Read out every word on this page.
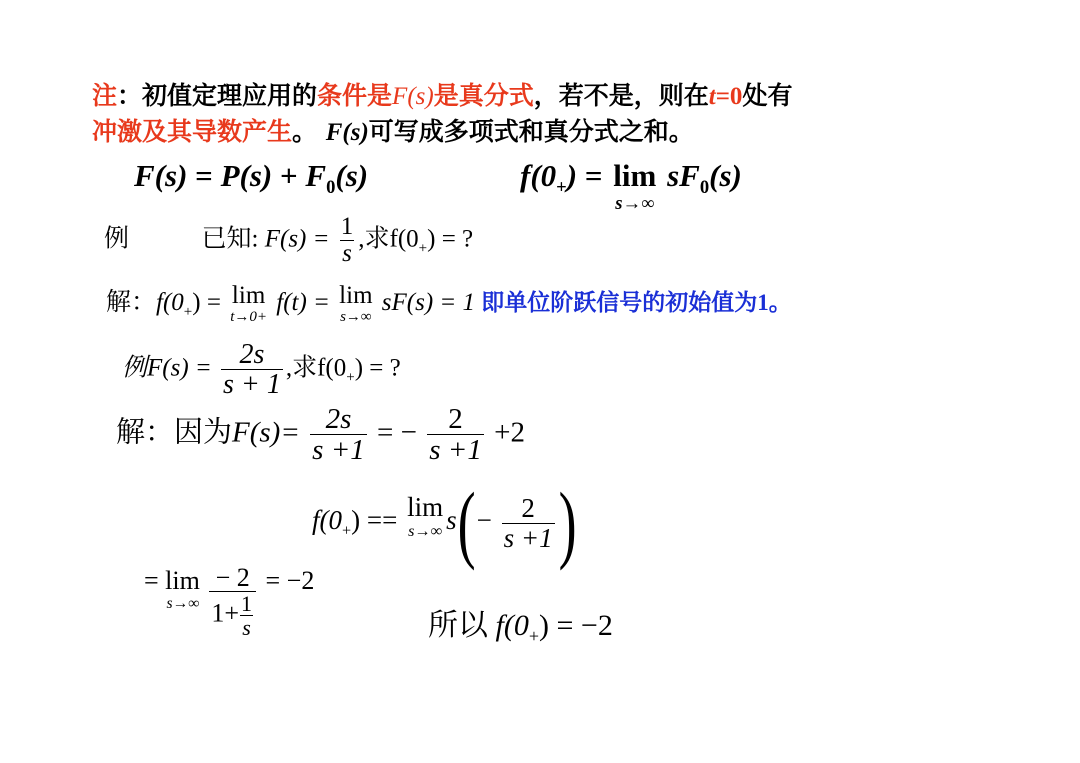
注：初值定理应用的条件是F(s)是真分式，若不是，则在t=0处有
冲激及其导数产生。 F(s)可写成多项式和真分式之和。
$F(s) = P(s) + F_0(s)$	$f(0_+) = \lim$
s→∞
$sF_0(s)$
例	已知: $F(s) = \frac{1}{s}$ ,求$f(0_+)$ = ?
解：$f(0_+) = \lim$
t→0+
f(t) = lim
s→∞
sF(s) = 1 即单位阶跃信号的初始值为1。
例$F(s) = \frac{2s}{s + 1}$ ,求$f(0_+)$ = ?
解：因为$F(s)= \frac{2s}{s +1}$ = − $\frac{2}{s +1} +2$
$f(0_+) == \lim$
s→∞ $s(- \frac{2}{s +1}$ )
= lim
s→∞
$\frac{- 2}{1+ \frac{1}{s}} = -2$
所以 $f(0_+) = -2$
